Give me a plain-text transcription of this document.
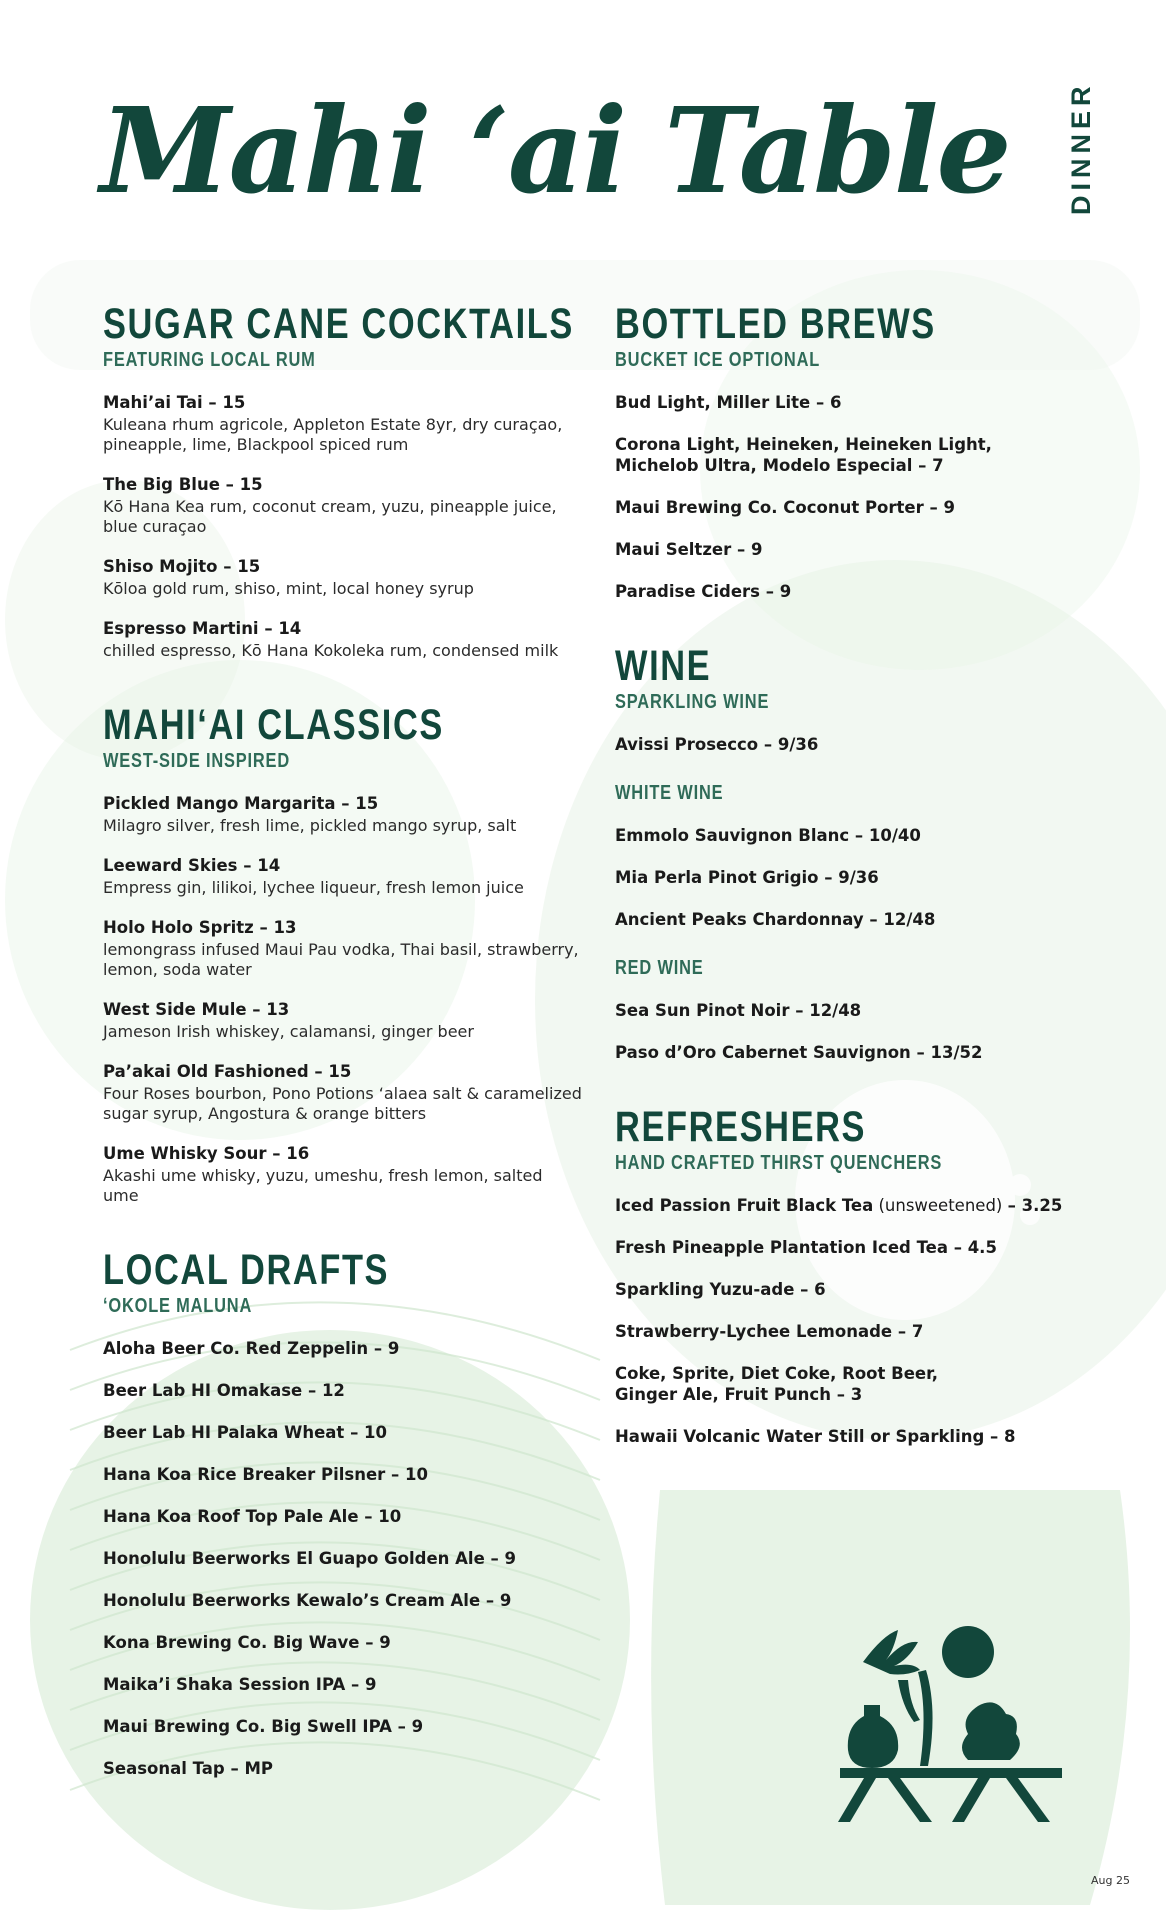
Mahi ‘ai Table DINNER
SUGAR CANE COCKTAILS
FEATURING LOCAL RUM
Mahi’ai Tai – 15
Kuleana rhum agricole, Appleton Estate 8yr, dry curaçao, pineapple, lime, Blackpool spiced rum
The Big Blue – 15
Kō Hana Kea rum, coconut cream, yuzu, pineapple juice, blue curaçao
Shiso Mojito – 15
Kōloa gold rum, shiso, mint, local honey syrup
Espresso Martini – 14
chilled espresso, Kō Hana Kokoleka rum, condensed milk
MAHI‘AI CLASSICS
WEST-SIDE INSPIRED
Pickled Mango Margarita – 15
Milagro silver, fresh lime, pickled mango syrup, salt
Leeward Skies – 14
Empress gin, lilikoi, lychee liqueur, fresh lemon juice
Holo Holo Spritz – 13
lemongrass infused Maui Pau vodka, Thai basil, strawberry, lemon, soda water
West Side Mule – 13
Jameson Irish whiskey, calamansi, ginger beer
Pa’akai Old Fashioned – 15
Four Roses bourbon, Pono Potions ‘alaea salt & caramelized sugar syrup, Angostura & orange bitters
Ume Whisky Sour – 16
Akashi ume whisky, yuzu, umeshu, fresh lemon, salted ume
LOCAL DRAFTS
ʻOKOLE MALUNA
Aloha Beer Co. Red Zeppelin – 9
Beer Lab HI Omakase – 12
Beer Lab HI Palaka Wheat – 10
Hana Koa Rice Breaker Pilsner – 10
Hana Koa Roof Top Pale Ale – 10
Honolulu Beerworks El Guapo Golden Ale – 9
Honolulu Beerworks Kewalo’s Cream Ale – 9
Kona Brewing Co. Big Wave – 9
Maika’i Shaka Session IPA – 9
Maui Brewing Co. Big Swell IPA – 9
Seasonal Tap – MP
BOTTLED BREWS
BUCKET ICE OPTIONAL
Bud Light, Miller Lite – 6
Corona Light, Heineken, Heineken Light,
Michelob Ultra, Modelo Especial – 7
Maui Brewing Co. Coconut Porter – 9
Maui Seltzer – 9
Paradise Ciders – 9
WINE
SPARKLING WINE
Avissi Prosecco – 9/36
WHITE WINE
Emmolo Sauvignon Blanc – 10/40
Mia Perla Pinot Grigio – 9/36
Ancient Peaks Chardonnay – 12/48
RED WINE
Sea Sun Pinot Noir – 12/48
Paso d’Oro Cabernet Sauvignon – 13/52
REFRESHERS
HAND CRAFTED THIRST QUENCHERS
Iced Passion Fruit Black Tea (unsweetened) – 3.25
Fresh Pineapple Plantation Iced Tea – 4.5
Sparkling Yuzu-ade – 6
Strawberry-Lychee Lemonade – 7
Coke, Sprite, Diet Coke, Root Beer,
Ginger Ale, Fruit Punch – 3
Hawaii Volcanic Water Still or Sparkling – 8
Aug 25
